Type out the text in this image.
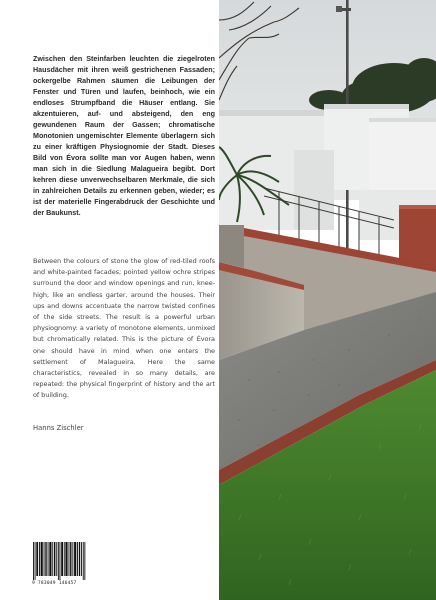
Zwischen den Steinfarben leuchten die ziegelroten Hausdächer mit ihren weiß gestrichenen Fassaden; ockergelbe Rahmen säumen die Leibungen der Fenster und Türen und laufen, beinhoch, wie ein endloses Strumpfband die Häuser entlang. Sie akzentuieren, auf- und absteigend, den eng gewundenen Raum der Gassen; chromatische Monotonien ungemischter Elemente überlagern sich zu einer kräftigen Physiognomie der Stadt. Dieses Bild von Évora sollte man vor Augen haben, wenn man sich in die Siedlung Malagueira begibt. Dort kehren diese unverwechselbaren Merkmale, die sich in zahlreichen Details zu erkennen geben, wieder; es ist der materielle Fingerabdruck der Geschichte und der Baukunst.

Between the colours of stone the glow of red-tiled roofs and white-painted facades; pointed yellow ochre stripes surround the door and window openings and run, knee-high, like an endless garter, around the houses. Their ups and downs accentuate the narrow twisted confines of the side streets. The result is a powerful urban physiognomy: a variety of monotone elements, unmixed but chromatically related. This is the picture of Évora one should have in mind when one enters the settlement of Malagueira. Here the same characteristics, revealed in so many details, are repeated: the physical fingerprint of history and the art of building.

Hanns Zischler

9 783049 146457
